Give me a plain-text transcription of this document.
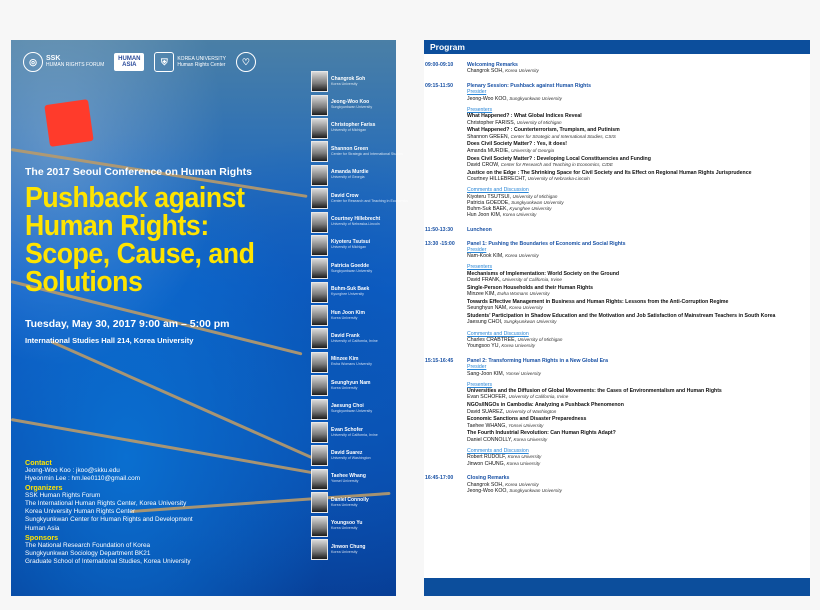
◎	SSK
HUMAN RIGHTS FORUM
HUMAN ASIA	⛨	KOREA UNIVERSITY
Human Rights Center	♡

The 2017 Seoul Conference on Human Rights
Pushback against
Human Rights:
Scope, Cause, and
Solutions
Tuesday, May 30, 2017 9:00 am – 5:00 pm
International Studies Hall 214, Korea University
Contact
Jeong-Woo Koo : jkoo@skku.edu
Hyeonmin Lee : hm.lee0110@gmail.com
Organizers
SSK Human Rights Forum
The International Human Rights Center, Korea University
Korea University Human Rights Center
Sungkyunkwan Center for Human Rights and Development
Human Asia
Sponsors
The National Research Foundation of Korea
Sungkyunkwan Sociology Department BK21
Graduate School of International Studies, Korea University
Changrok Soh
Korea University
Jeong-Woo Koo
Sungkyunkwan University
Christopher Fariss
University of Michigan
Shannon Green
Center for Strategic and International Studies
Amanda Murdie
University of Georgia
David Crow
Center for Research and Teaching in Economics
Courtney Hillebrecht
University of Nebraska-Lincoln
Kiyoteru Tsutsui
University of Michigan
Patricia Goedde
Sungkyunkwan University
Buhm-Suk Baek
Kyunghee University
Hun Joon Kim
Korea University
David Frank
University of California, Irvine
Minzee Kim
Ewha Womans University
Seunghyun Nam
Korea University
Jaesung Choi
Sungkyunkwan University
Evan Schofer
University of California, Irvine
David Suarez
University of Washington
Taehee Whang
Yonsei University
Daniel Connolly
Korea University
Youngsoo Yu
Korea University
Jinwon Chung
Korea University
Program
09:00-09:10	Welcoming Remarks
Changrok SOH, Korea University
09:15-11:50	Plenary Session: Pushback against Human Rights
Presider
Jeong-Woo KOO, Sungkyunkwan University
Presenters
What Happened? : What Global Indices Reveal
Christopher FARISS, University of Michigan
What Happened? : Counterterrorism, Trumpism, and Putinism
Shannon GREEN, Center for Strategic and International Studies, CSIS
Does Civil Society Matter? : Yes, it does!
Amanda MURDIE, University of Georgia
Does Civil Society Matter? : Developing Local Constituencies and Funding
David CROW, Center for Research and Teaching in Economics, CIDE
Justice on the Edge : The Shrinking Space for Civil Society and Its Effect on Regional Human Rights Jurisprudence
Courtney HILLEBRECHT, University of Nebraska-Lincoln
Comments and Discussion
Kiyoteru TSUTSUI, University of Michigan
Patricia GOEDDE, Sungkyunkwan University
Buhm-Suk BAEK, Kyunghee University
Hun Joon KIM, Korea University
11:50-13:30	Luncheon
13:30 -15:00	Panel 1: Pushing the Boundaries of Economic and Social Rights
Presider
Nam-Kook KIM, Korea University
Presenters
Mechanisms of Implementation: World Society on the Ground
David FRANK, University of California, Irvine
Single-Person Households and their Human Rights
Minzee KIM, Ewha Womans University
Towards Effective Management in Business and Human Rights: Lessons from the Anti-Corruption Regime
Seunghyun NAM, Korea University
Students' Participation in Shadow Education and the Motivation and Job Satisfaction of Mainstream Teachers in South Korea
Jaesung CHOI, Sungkyunkwan University
Comments and Discussion
Charles CRABTREE, University of Michigan
Youngsoo YU, Korea University
15:15-16:45	Panel 2: Transforming Human Rights in a New Global Era
Presider
Sang-Joon KIM, Yonsei University
Presenters
Universities and the Diffusion of Global Movements: the Cases of Environmentalism and Human Rights
Evan SCHOFER, University of California, Irvine
NGOs/INGOs in Cambodia: Analyzing a Pushback Phenomenon
David SUAREZ, University of Washington
Economic Sanctions and Disaster Preparedness
Taehee WHANG, Yonsei University
The Fourth Industrial Revolution: Can Human Rights Adapt?
Daniel CONNOLLY, Korea University
Comments and Discussion
Robert RUDOLF, Korea University
Jinwon CHUNG, Korea University
16:45-17:00	Closing Remarks
Changrok SOH, Korea University
Jeong-Woo KOO, Sungkyunkwan University
